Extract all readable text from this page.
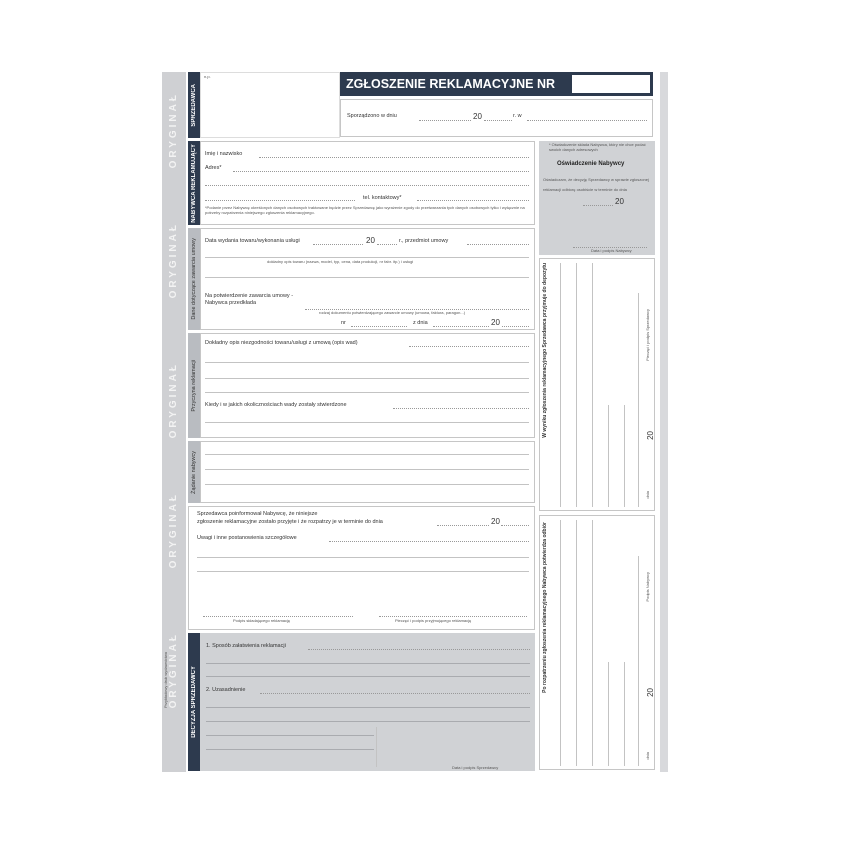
ORYGINAŁ
ORYGINAŁ
ORYGINAŁ
ORYGINAŁ
ORYGINAŁ
Przykładowy druk wydawnictwa
SPRZEDAWCA
n.p.
ZGŁOSZENIE REKLAMACYJNE NR
Sporządzono w dniu	20	r. w
NABYWCA REKLAMUJĄCY Imię i nazwisko
Adres*
tel. kontaktowy*
*Podanie przez Nabywcę określonych danych osobowych traktowane będzie przez Sprzedawcę jako wyrażenie zgody do przetwarzania tych danych osobowych tylko i wyłącznie na potrzeby rozpatrzenia niniejszego zgłoszenia reklamacyjnego.
Dane dotyczące zawarcia umowy Data wydania towaru/wykonania usługi	20	r., przedmiot umowy
dokładny opis towaru (nazwa, model, typ, cena, data produkcji, nr fabr. itp.) i usługi
Na potwierdzenie zawarcia umowy - Nabywca przedkłada
rodzaj dokumentu potwierdzającego zawarcie umowy (umowa, faktura, paragon...)
nr	z dnia	20
Przyczyna reklamacji
Dokładny opis niezgodności towaru/usługi z umową (opis wad)
Kiedy i w jakich okolicznościach wady zostały stwierdzone
Żądanie nabywcy
Sprzedawca poinformował Nabywcę, że niniejsze
zgłoszenie reklamacyjne zostało przyjęte i że rozpatrzy je w terminie do dnia	20
Uwagi i inne postanowienia szczegółowe
Podpis składającego reklamację	Pieczęć i podpis przyjmującego reklamację
DECYZJA SPRZEDAWCY
1. Sposób załatwienia reklamacji
2. Uzasadnienie
Data i podpis Sprzedawcy
* Oświadczenie składa Nabywca, który nie chce podać swoich danych adresowych
Oświadczenie Nabywcy
Oświadczam, że decyzję Sprzedawcy w sprawie zgłoszonej reklamacji odbiorę osobiście w terminie do dnia
20
Data i podpis Nabywcy
W wyniku zgłoszenia reklamacyjnego Sprzedawca przyjmuje do depozytu	Pieczęć i podpis Sprzedawcy
20
dnia
Po rozpatrzeniu zgłoszenia reklamacyjnego Nabywca potwierdza odbiór	Podpis Nabywcy
20
dnia
